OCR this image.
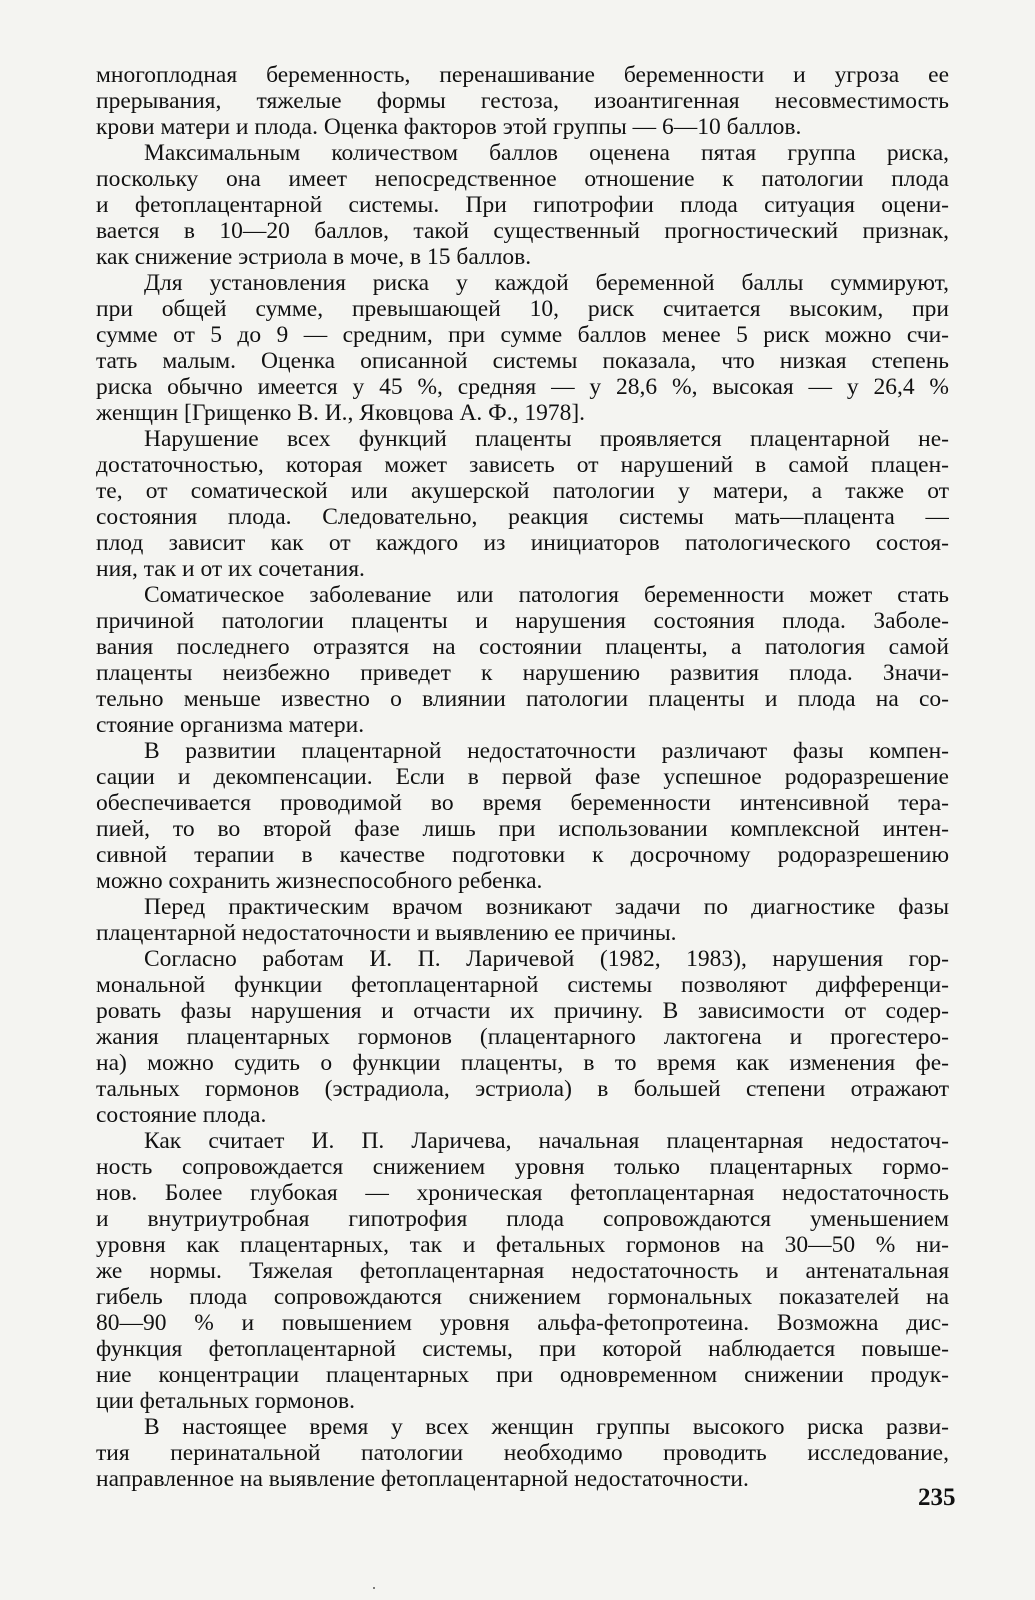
многоплодная беременность, перенашивание беременности и угроза ее
прерывания, тяжелые формы гестоза, изоантигенная несовместимость
крови матери и плода. Оценка факторов этой группы — 6—10 баллов.
Максимальным количеством баллов оценена пятая группа риска,
поскольку она имеет непосредственное отношение к патологии плода
и фетоплацентарной системы. При гипотрофии плода ситуация оцени-
вается в 10—20 баллов, такой существенный прогностический признак,
как снижение эстриола в моче, в 15 баллов.
Для установления риска у каждой беременной баллы суммируют,
при общей сумме, превышающей 10, риск считается высоким, при
сумме от 5 до 9 — средним, при сумме баллов менее 5 риск можно счи-
тать малым. Оценка описанной системы показала, что низкая степень
риска обычно имеется у 45 %, средняя — у 28,6 %, высокая — у 26,4 %
женщин [Грищенко В. И., Яковцова А. Ф., 1978].
Нарушение всех функций плаценты проявляется плацентарной не-
достаточностью, которая может зависеть от нарушений в самой плацен-
те, от соматической или акушерской патологии у матери, а также от
состояния плода. Следовательно, реакция системы мать—плацента —
плод зависит как от каждого из инициаторов патологического состоя-
ния, так и от их сочетания.
Соматическое заболевание или патология беременности может стать
причиной патологии плаценты и нарушения состояния плода. Заболе-
вания последнего отразятся на состоянии плаценты, а патология самой
плаценты неизбежно приведет к нарушению развития плода. Значи-
тельно меньше известно о влиянии патологии плаценты и плода на со-
стояние организма матери.
В развитии плацентарной недостаточности различают фазы компен-
сации и декомпенсации. Если в первой фазе успешное родоразрешение
обеспечивается проводимой во время беременности интенсивной тера-
пией, то во второй фазе лишь при использовании комплексной интен-
сивной терапии в качестве подготовки к досрочному родоразрешению
можно сохранить жизнеспособного ребенка.
Перед практическим врачом возникают задачи по диагностике фазы
плацентарной недостаточности и выявлению ее причины.
Согласно работам И. П. Ларичевой (1982, 1983), нарушения гор-
мональной функции фетоплацентарной системы позволяют дифференци-
ровать фазы нарушения и отчасти их причину. В зависимости от содер-
жания плацентарных гормонов (плацентарного лактогена и прогестеро-
на) можно судить о функции плаценты, в то время как изменения фе-
тальных гормонов (эстрадиола, эстриола) в большей степени отражают
состояние плода.
Как считает И. П. Ларичева, начальная плацентарная недостаточ-
ность сопровождается снижением уровня только плацентарных гормо-
нов. Более глубокая — хроническая фетоплацентарная недостаточность
и внутриутробная гипотрофия плода сопровождаются уменьшением
уровня как плацентарных, так и фетальных гормонов на 30—50 % ни-
же нормы. Тяжелая фетоплацентарная недостаточность и антенатальная
гибель плода сопровождаются снижением гормональных показателей на
80—90 % и повышением уровня альфа-фетопротеина. Возможна дис-
функция фетоплацентарной системы, при которой наблюдается повыше-
ние концентрации плацентарных при одновременном снижении продук-
ции фетальных гормонов.
В настоящее время у всех женщин группы высокого риска разви-
тия перинатальной патологии необходимо проводить исследование,
направленное на выявление фетоплацентарной недостаточности.
235
